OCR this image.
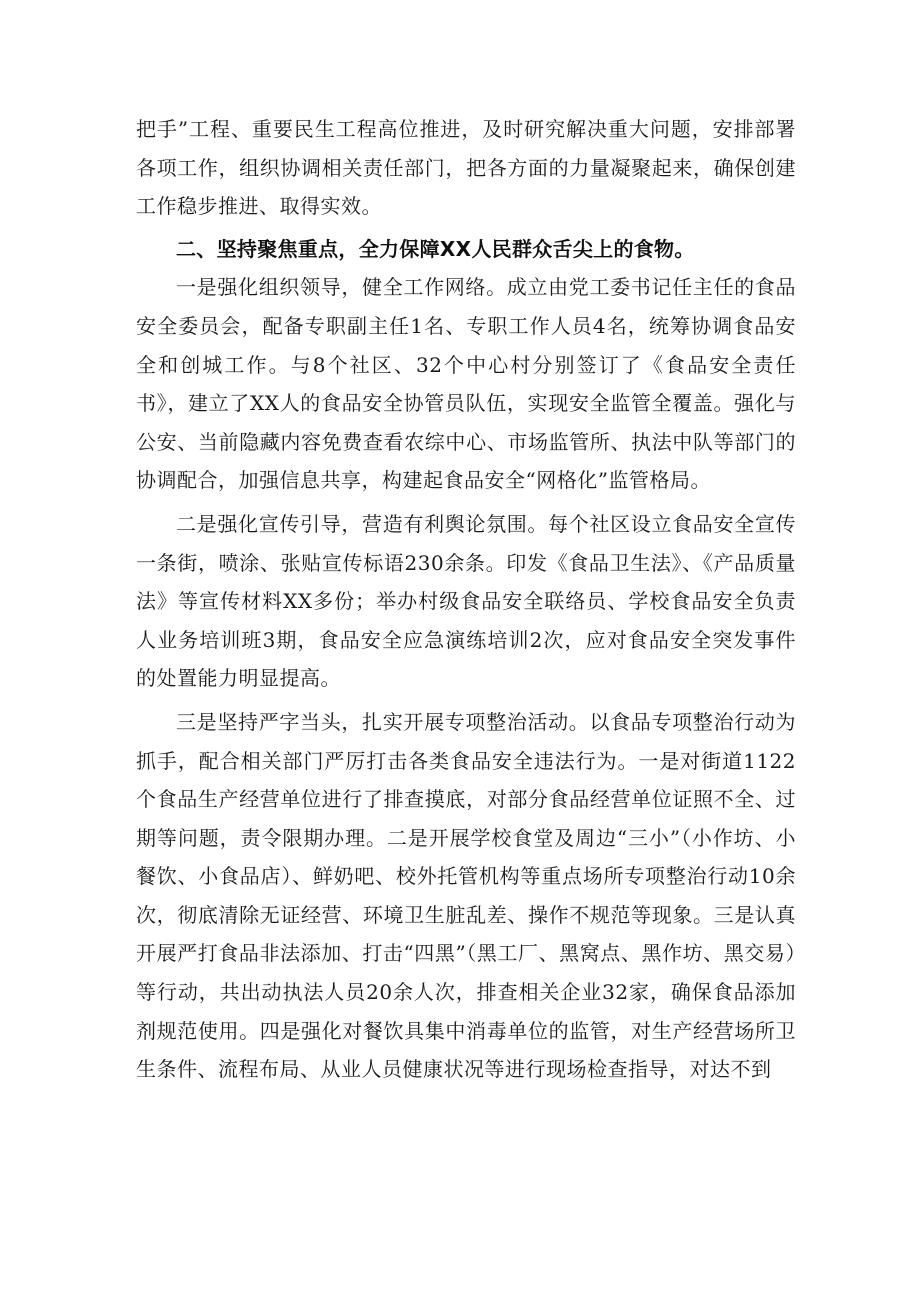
把手”工程、重要民生工程高位推进，及时研究解决重大问题，安排部署各项工作，组织协调相关责任部门，把各方面的力量凝聚起来，确保创建工作稳步推进、取得实效。

二、坚持聚焦重点，全力保障XX人民群众舌尖上的食物。

一是强化组织领导，健全工作网络。成立由党工委书记任主任的食品安全委员会，配备专职副主任1名、专职工作人员4名，统筹协调食品安全和创城工作。与8个社区、32个中心村分别签订了《食品安全责任书》，建立了XX人的食品安全协管员队伍，实现安全监管全覆盖。强化与公安、当前隐藏内容免费查看农综中心、市场监管所、执法中队等部门的协调配合，加强信息共享，构建起食品安全“网格化”监管格局。

二是强化宣传引导，营造有利舆论氛围。每个社区设立食品安全宣传一条街，喷涂、张贴宣传标语230余条。印发《食品卫生法》、《产品质量法》等宣传材料XX多份；举办村级食品安全联络员、学校食品安全负责人业务培训班3期，食品安全应急演练培训2次，应对食品安全突发事件的处置能力明显提高。

三是坚持严字当头，扎实开展专项整治活动。以食品专项整治行动为抓手，配合相关部门严厉打击各类食品安全违法行为。一是对街道1122个食品生产经营单位进行了排查摸底，对部分食品经营单位证照不全、过期等问题，责令限期办理。二是开展学校食堂及周边“三小”（小作坊、小餐饮、小食品店）、鲜奶吧、校外托管机构等重点场所专项整治行动10余次，彻底清除无证经营、环境卫生脏乱差、操作不规范等现象。三是认真开展严打食品非法添加、打击“四黑”（黑工厂、黑窝点、黑作坊、黑交易）等行动，共出动执法人员20余人次，排查相关企业32家，确保食品添加剂规范使用。四是强化对餐饮具集中消毒单位的监管，对生产经营场所卫生条件、流程布局、从业人员健康状况等进行现场检查指导，对达不到
